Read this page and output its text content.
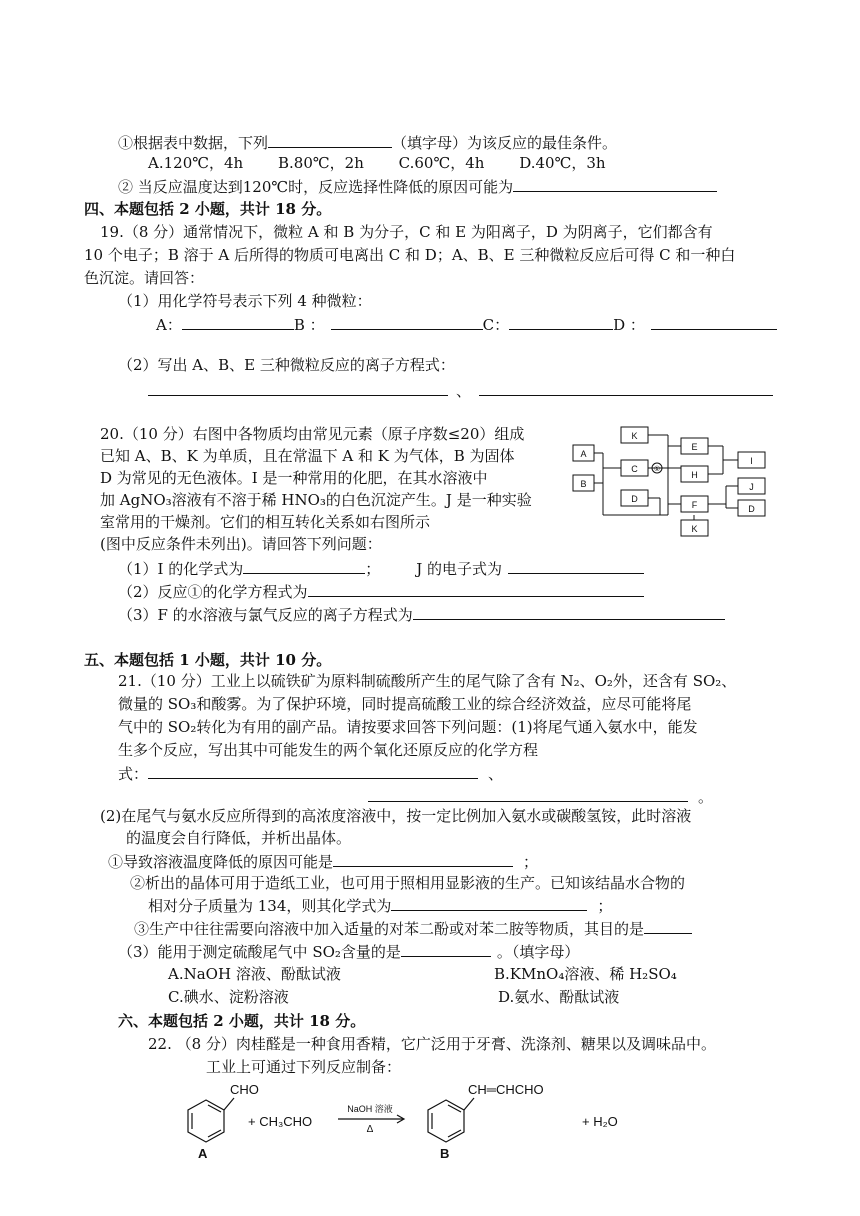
①根据表中数据，下列	（填字母）为该反应的最佳条件。
A.120℃，4h B.80℃，2h C.60℃，4h D.40℃，3h
② 当反应温度达到120℃时，反应选择性降低的原因可能为
四、本题包括 2 小题，共计 18 分。
19.（8 分）通常情况下，微粒 A 和 B 为分子，C 和 E 为阳离子，D 为阴离子，它们都含有
10 个电子；B 溶于 A 后所得的物质可电离出 C 和 D；A、B、E 三种微粒反应后可得 C 和一种白
色沉淀。请回答：
（1）用化学符号表示下列 4 种微粒：
A：	B ：	C：	D ：
（2）写出 A、B、E 三种微粒反应的离子方程式：
、
20.（10 分）右图中各物质均由常见元素（原子序数≤20）组成
已知 A、B、K 为单质，且在常温下 A 和 K 为气体，B 为固体
D 为常见的无色液体。I 是一种常用的化肥，在其水溶液中
加 AgNO₃溶液有不溶于稀 HNO₃的白色沉淀产生。J 是一种实验
室常用的干燥剂。它们的相互转化关系如右图所示
(图中反应条件未列出)。请回答下列问题：
A
B
C
D
K
E
H
F
K
I
J
D
①
（1）I 的化学式为	； J 的电子式为
（2）反应①的化学方程式为
（3）F 的水溶液与氯气反应的离子方程式为
五、本题包括 1 小题，共计 10 分。
21.（10 分）工业上以硫铁矿为原料制硫酸所产生的尾气除了含有 N₂、O₂外，还含有 SO₂、
微量的 SO₃和酸雾。为了保护环境，同时提高硫酸工业的综合经济效益，应尽可能将尾
气中的 SO₂转化为有用的副产品。请按要求回答下列问题：(1)将尾气通入氨水中，能发
生多个反应，写出其中可能发生的两个氧化还原反应的化学方程
式：	、
。
(2)在尾气与氨水反应所得到的高浓度溶液中，按一定比例加入氨水或碳酸氢铵，此时溶液
的温度会自行降低，并析出晶体。
①导致溶液温度降低的原因可能是	；
②析出的晶体可用于造纸工业，也可用于照相用显影液的生产。已知该结晶水合物的
相对分子质量为 134，则其化学式为	；
③生产中往往需要向溶液中加入适量的对苯二酚或对苯二胺等物质，其目的是
（3）能用于测定硫酸尾气中 SO₂含量的是	。（填字母）
A.NaOH 溶液、酚酞试液	B.KMnO₄溶液、稀 H₂SO₄
C.碘水、淀粉溶液	D.氨水、酚酞试液
六、本题包括 2 小题，共计 18 分。
22. （8 分）肉桂醛是一种食用香精，它广泛用于牙膏、洗涤剂、糖果以及调味品中。
工业上可通过下列反应制备：
CHO
+ CH₃CHO
NaOH 溶液
Δ
CH═CHCHO
+ H₂O
A	B
